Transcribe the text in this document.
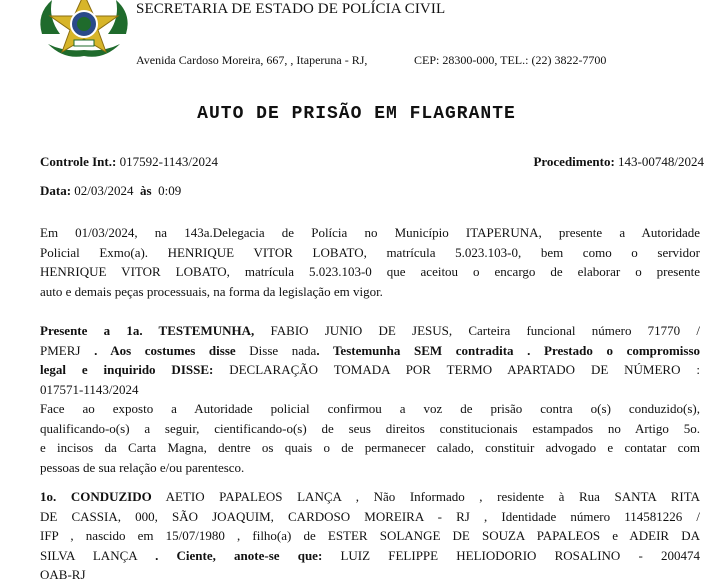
SECRETARIA DE ESTADO DE POLÍCIA CIVIL
Avenida Cardoso Moreira, 667, , Itaperuna - RJ,	CEP: 28300-000, TEL.: (22) 3822-7700
AUTO DE PRISÃO EM FLAGRANTE
Controle Int.: 017592-1143/2024	Procedimento: 143-00748/2024
Data: 02/03/2024 às  0:09
Em 01/03/2024, na 143a.Delegacia de Polícia no Município ITAPERUNA, presente a Autoridade
Policial Exmo(a). HENRIQUE VITOR LOBATO, matrícula 5.023.103-0, bem como o servidor
HENRIQUE VITOR LOBATO, matrícula 5.023.103-0 que aceitou o encargo de elaborar o presente
auto e demais peças processuais, na forma da legislação em vigor.
Presente a 1a. TESTEMUNHA, FABIO JUNIO DE JESUS, Carteira funcional número 71770 /
PMERJ . Aos costumes disse Disse nada. Testemunha SEM contradita . Prestado o compromisso
legal e inquirido DISSE: DECLARAÇÃO TOMADA POR TERMO APARTADO DE NÚMERO :
017571-1143/2024
Face ao exposto a Autoridade policial confirmou a voz de prisão contra o(s) conduzido(s),
qualificando-o(s) a seguir, cientificando-o(s) de seus direitos constitucionais estampados no Artigo 5o.
e incisos da Carta Magna, dentre os quais o de permanecer calado, constituir advogado e contatar com
pessoas de sua relação e/ou parentesco.
1o. CONDUZIDO AETIO PAPALEOS LANÇA , Não Informado , residente à Rua SANTA RITA
DE CASSIA, 000, SÃO JOAQUIM, CARDOSO MOREIRA - RJ , Identidade número 114581226 /
IFP , nascido em 15/07/1980 , filho(a) de ESTER SOLANGE DE SOUZA PAPALEOS e ADEIR DA
SILVA LANÇA . Ciente, anote-se que: LUIZ FELIPPE HELIODORIO ROSALINO - 200474
OAB-RJ
